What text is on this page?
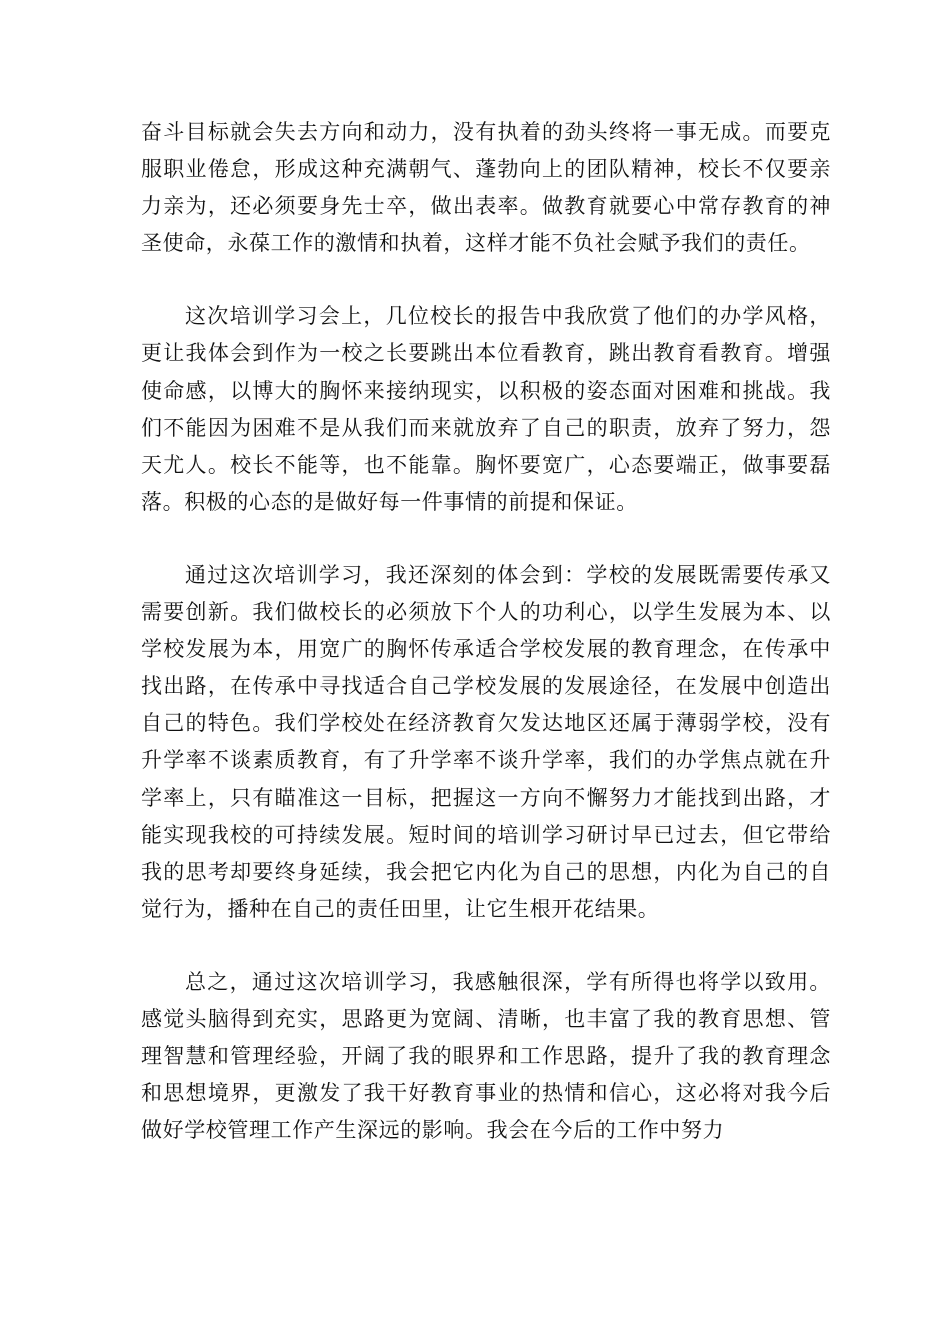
奋斗目标就会失去方向和动力，没有执着的劲头终将一事无成。而要克服职业倦怠，形成这种充满朝气、蓬勃向上的团队精神，校长不仅要亲力亲为，还必须要身先士卒，做出表率。做教育就要心中常存教育的神圣使命，永葆工作的激情和执着，这样才能不负社会赋予我们的责任。

这次培训学习会上，几位校长的报告中我欣赏了他们的办学风格，更让我体会到作为一校之长要跳出本位看教育，跳出教育看教育。增强使命感，以博大的胸怀来接纳现实，以积极的姿态面对困难和挑战。我们不能因为困难不是从我们而来就放弃了自己的职责，放弃了努力，怨天尤人。校长不能等，也不能靠。胸怀要宽广，心态要端正，做事要磊落。积极的心态的是做好每一件事情的前提和保证。

通过这次培训学习，我还深刻的体会到：学校的发展既需要传承又需要创新。我们做校长的必须放下个人的功利心，以学生发展为本、以学校发展为本，用宽广的胸怀传承适合学校发展的教育理念，在传承中找出路，在传承中寻找适合自己学校发展的发展途径，在发展中创造出自己的特色。我们学校处在经济教育欠发达地区还属于薄弱学校，没有升学率不谈素质教育，有了升学率不谈升学率，我们的办学焦点就在升学率上，只有瞄准这一目标，把握这一方向不懈努力才能找到出路，才能实现我校的可持续发展。短时间的培训学习研讨早已过去，但它带给我的思考却要终身延续，我会把它内化为自己的思想，内化为自己的自觉行为，播种在自己的责任田里，让它生根开花结果。

总之，通过这次培训学习，我感触很深，学有所得也将学以致用。感觉头脑得到充实，思路更为宽阔、清晰，也丰富了我的教育思想、管理智慧和管理经验，开阔了我的眼界和工作思路，提升了我的教育理念和思想境界，更激发了我干好教育事业的热情和信心，这必将对我今后做好学校管理工作产生深远的影响。我会在今后的工作中努力
